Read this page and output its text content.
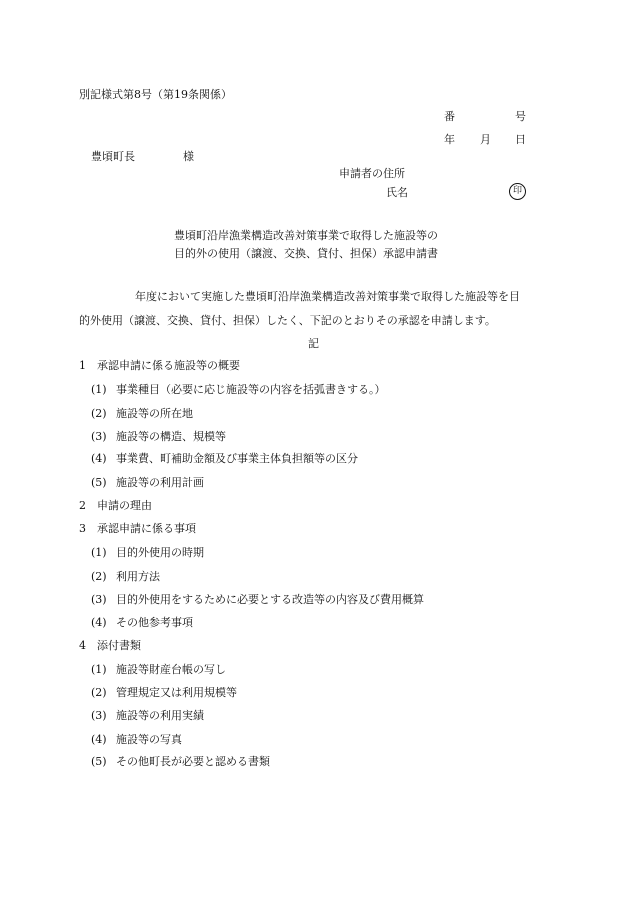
別記様式第8号（第19条関係）
番	号
年 月 日
豊頃町長	様
申請者の住所
氏名	印
豊頃町沿岸漁業構造改善対策事業で取得した施設等の
目的外の使用（譲渡、交換、貸付、担保）承認申請書
年度において実施した豊頃町沿岸漁業構造改善対策事業で取得した施設等を目
的外使用（譲渡、交換、貸付、担保）したく、下記のとおりその承認を申請します。
記
1 承認申請に係る施設等の概要
(1) 事業種目（必要に応じ施設等の内容を括弧書きする。）
(2) 施設等の所在地
(3) 施設等の構造、規模等
(4) 事業費、町補助金額及び事業主体負担額等の区分
(5) 施設等の利用計画
2 申請の理由
3 承認申請に係る事項
(1) 目的外使用の時期
(2) 利用方法
(3) 目的外使用をするために必要とする改造等の内容及び費用概算
(4) その他参考事項
4 添付書類
(1) 施設等財産台帳の写し
(2) 管理規定又は利用規模等
(3) 施設等の利用実績
(4) 施設等の写真
(5) その他町長が必要と認める書類
